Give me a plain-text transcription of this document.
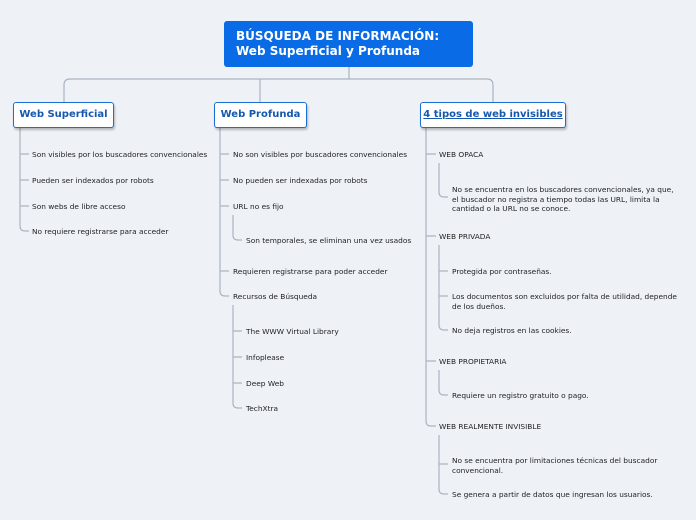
BÚSQUEDA DE INFORMACIÓN:
Web Superficial y Profunda
Web Superficial
Son visibles por los buscadores convencionales
Pueden ser indexados por robots
Son webs de libre acceso
No requiere registrarse para acceder
Web Profunda
No son visibles por buscadores convencionales
No pueden ser indexadas por robots
URL no es fijo
Son temporales, se eliminan una vez usados
Requieren registrarse para poder acceder
Recursos de Búsqueda
The WWW Virtual Library
Infoplease
Deep Web
TechXtra
4 tipos de web invisibles
WEB OPACA
No se encuentra en los buscadores convencionales, ya que, el buscador no registra a tiempo todas las URL, limita la cantidad o la URL no se conoce.
WEB PRIVADA
Protegida por contraseñas.
Los documentos son excluidos por falta de utilidad, depende de los dueños.
No deja registros en las cookies.
WEB PROPIETARIA
Requiere un registro gratuito o pago.
WEB REALMENTE INVISIBLE
No se encuentra por limitaciones técnicas del buscador convencional.
Se genera a partir de datos que ingresan los usuarios.
